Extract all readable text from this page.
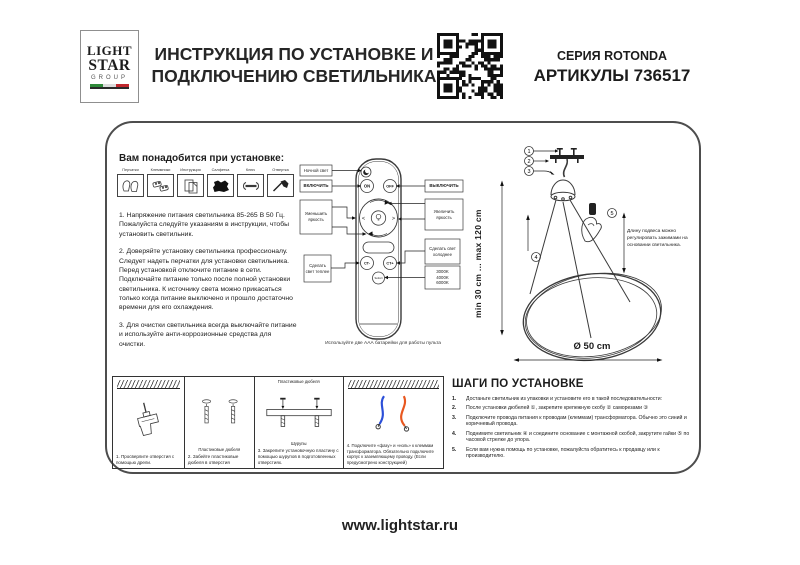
LIGHT
STAR
GROUP
ИНСТРУКЦИЯ ПО УСТАНОВКЕ И
ПОДКЛЮЧЕНИЮ СВЕТИЛЬНИКА
СЕРИЯ ROTONDA
АРТИКУЛЫ 736517
Вам понадобится при установке:
Перчатки	Клеммники	Инструкция	Салфетка	Ключ	Отвертка

1. Напряжение питания светильника 85-265 В 50 Гц. Пожалуйста следуйте указаниям в инструкции, чтобы установить светильник.

2. Доверяйте установку светильника профессионалу. Следует надеть перчатки для установки светильника. Перед установкой отключите питание в сети. Подключайте питание только после полной установки светильника. К источнику света можно прикасаться только когда питание выключено и прошло достаточно времени для его охлаждения.

3. Для очистки светильника всегда выключайте питание и используйте анти-коррозионные средства для очистки.

ON	OFF
<	>
CT-	CT+
Set/cct
Ночной свет
ВКЛЮЧИТЬ
Уменьшить яркость
Сделать свет теплее
ВЫКЛЮЧИТЬ
Увеличить яркость
Сделать свет холоднее
3000K 4000K 6000K
Используйте две ААА батарейки для работы пульта
1
2
3
4
5
min 30 cm ... max 120 cm
Ø 50 cm
Длину подвеса можно регулировать зажимами на основании светильника.
1. Просверлите отверстия с помощью дрели.
Пластиковые дюбеля
2. Забейте пластиковые дюбеля в отверстия
Пластиковые дюбеля
Шурупы
3. Закрепите установочную пластину с помощью шурупов в подготовленных отверстиях.
4. Подключите «фазу» и «ноль» к клеммам трансформатора. Обязательно подключите корпус к заземляющему проводу. (Если предусмотрено конструкцией)
ШАГИ ПО УСТАНОВКЕ
1.	Достаньте светильник из упаковки и установите его в такой последовательности:
2.	После установки дюбелей ①, закрепите крепежную скобу ② саморезами ③
3.	Подключите провода питания к проводам (клеммам) трансформатора. Обычно это синий и коричневый провода.
4.	Поднимите светильник ④ и соедините основание с монтажной скобой, закрутите гайки ⑤ по часовой стрелке до упора.
5.	Если вам нужна помощь по установке, пожалуйста обратитесь к продавцу или к производителю.
www.lightstar.ru
